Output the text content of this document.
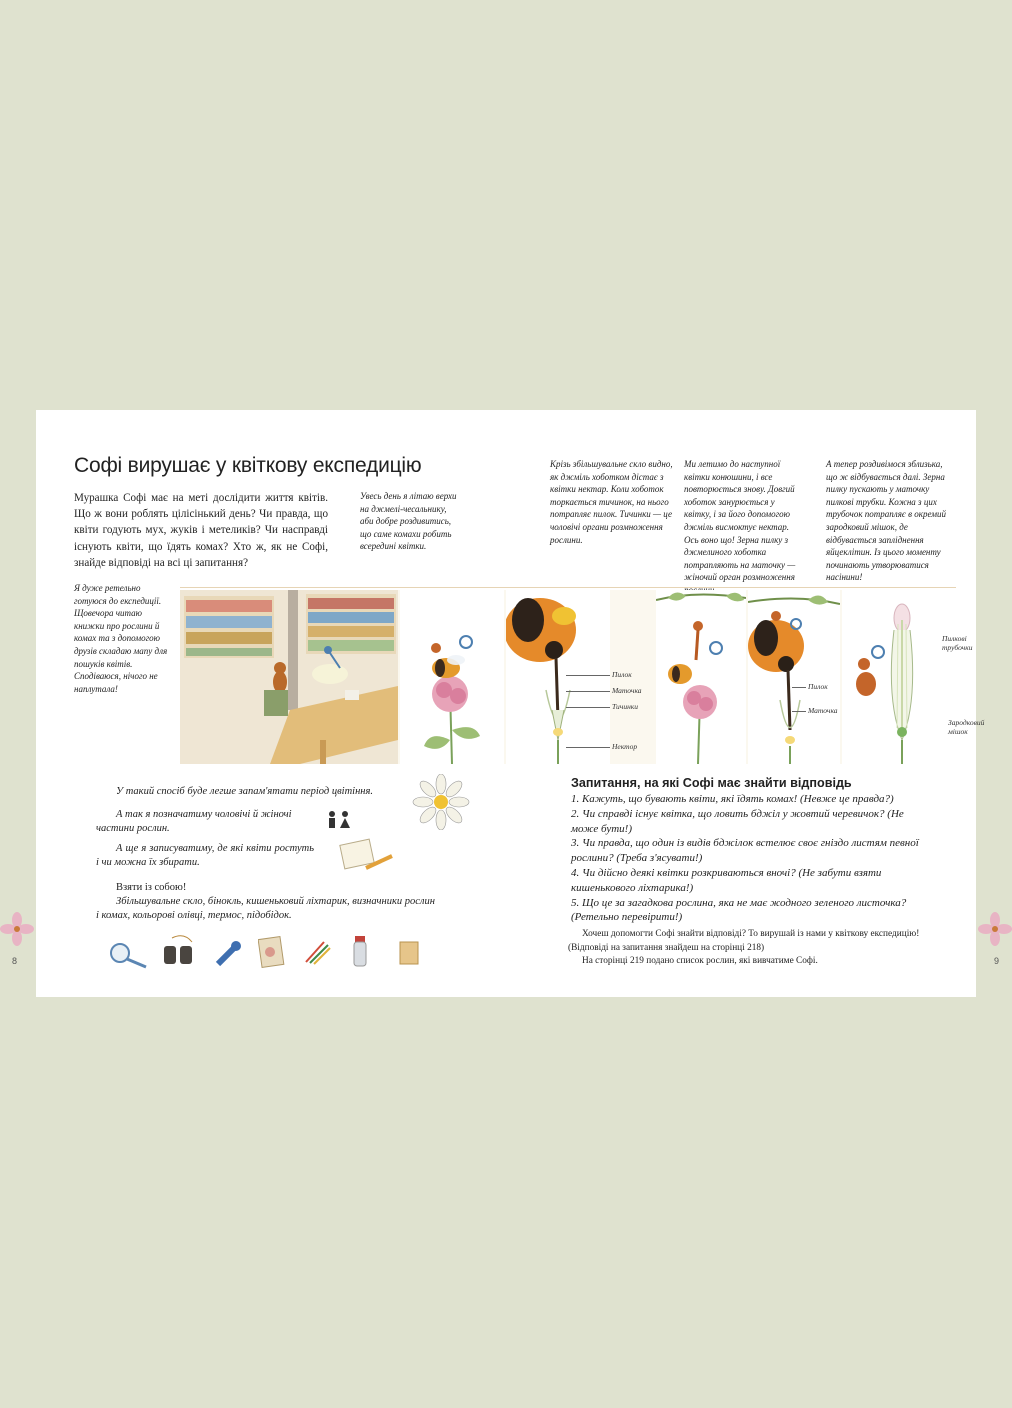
Софі вирушає у квіткову експедицію
Мурашка Софі має на меті дослідити життя квітів. Що ж вони роблять цілісінький день? Чи правда, що квіти годують мух, жуків і метеликів? Чи насправді існують квіти, що їдять комах? Хто ж, як не Софі, знайде відповіді на всі ці запитання?
Увесь день я літаю верхи на джмелі-чесальнику, аби добре роздивитись, що саме комахи робить всередині квітки.
Крізь збільшувальне скло видно, як джміль хоботком дістає з квітки нектар. Коли хоботок торкається тичинок, на нього потрапляє пилок. Тичинки — це чоловічі органи розмноження рослини.
Ми летимо до наступної квітки конюшини, і все повторюється знову. Довгий хоботок занурюється у квітку, і за його допомогою джміль висмоктує нектар. Ось воно що! Зерна пилку з джмелиного хоботка потрапляють на маточку — жіночий орган розмноження
А тепер роздивімося зблизька, що ж відбувається далі. Зерна пилку пускають у маточку пилкові трубки. Кожна з цих трубочок потрапляє в окремий зародковий мішок, де відбувається запліднення яйцеклітин. Із цього моменту починають утворюватися насінини!
Я дуже ретельно готуюся до експедиції. Щовечора читаю книжки про рослини й комах та з допомогою друзів складаю мапу для пошуків квітів. Сподіваюся, нічого не наплутала!
Пилок
Маточка
Тичинки
Нектор
Пилок
Маточка
Пилкові трубочки
Зародковий мішок
У такий спосіб буде легше запам'ятати період цвітіння.
А так я позначатиму чоловічі й жіночі частини рослин.
А ще я записуватиму, де які квіти ростуть і чи можна їх збирати.
Взяти із собою!
Збільшувальне скло, бінокль, кишеньковий ліхтарик, визначники рослин і комах, кольорові олівці, термос, підобідок.
Запитання, на які Софі має знайти відповідь
1. Кажуть, що бувають квіти, які їдять комах! (Невже це правда?)
2. Чи справді існує квітка, що ловить бджіл у жовтий черевичок? (Не може бути!)
3. Чи правда, що один із видів бджілок встелює своє гніздо листям певної рослини? (Треба з'ясувати!)
4. Чи дійсно деякі квітки розкриваються вночі? (Не забути взяти кишенькового ліхтарика!)
5. Що це за загадкова рослина, яка не має жодного зеленого листочка? (Ретельно перевірити!)
Хочеш допомогти Софі знайти відповіді? То вирушай із нами у квіткову експедицію! (Відповіді на запитання знайдеш на сторінці 218)
На сторінці 219 подано список рослин, які вивчатиме Софі.
8	9
